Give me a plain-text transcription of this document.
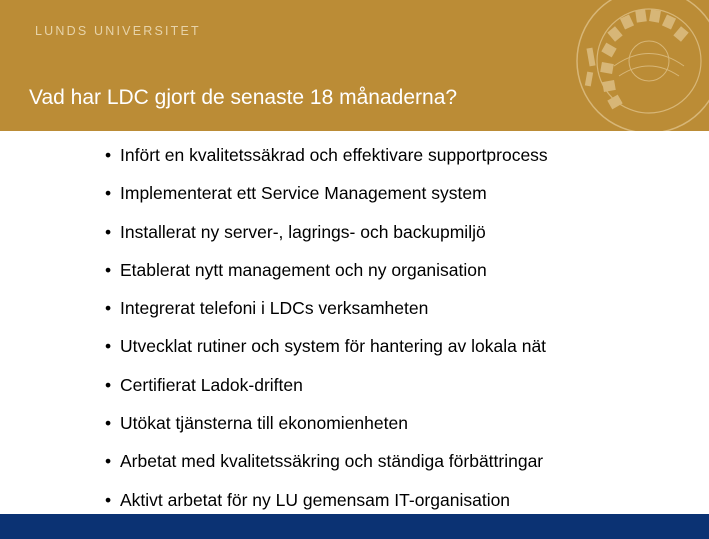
LUNDS UNIVERSITET
Vad har LDC gjort de senaste 18 månaderna?
• Infört en kvalitetssäkrad och effektivare supportprocess
• Implementerat ett Service Management system
• Installerat ny server-, lagrings- och backupmiljö
• Etablerat nytt management och ny organisation
• Integrerat telefoni i LDCs verksamheten
• Utvecklat rutiner och system för hantering av lokala nät
• Certifierat Ladok-driften
• Utökat tjänsterna till ekonomienheten
• Arbetat med kvalitetssäkring och ständiga förbättringar
• Aktivt arbetat för ny LU gemensam IT-organisation
